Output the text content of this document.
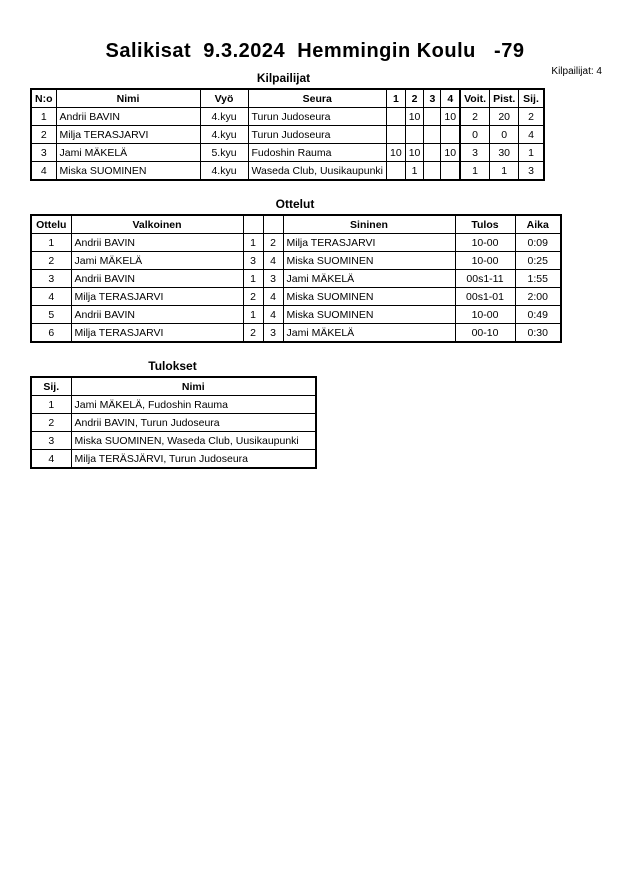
Salikisat  9.3.2024  Hemmingin Koulu   -79
Kilpailijat: 4
Kilpailijat
N:o	Nimi	Vyö	Seura	1	2	3	4	Voit.	Pist.	Sij.
1	Andrii BAVIN	4.kyu	Turun Judoseura		10		10	2	20	2
2	Milja TERASJARVI	4.kyu	Turun Judoseura					0	0	4
3	Jami MÄKELÄ	5.kyu	Fudoshin Rauma	10	10		10	3	30	1
4	Miska SUOMINEN	4.kyu	Waseda Club, Uusikaupunki		1			1	1	3
Ottelut
Ottelu	Valkoinen			Sininen	Tulos	Aika
1	Andrii BAVIN	1	2	Milja TERASJARVI	10-00	0:09
2	Jami MÄKELÄ	3	4	Miska SUOMINEN	10-00	0:25
3	Andrii BAVIN	1	3	Jami MÄKELÄ	00s1-11	1:55
4	Milja TERASJARVI	2	4	Miska SUOMINEN	00s1-01	2:00
5	Andrii BAVIN	1	4	Miska SUOMINEN	10-00	0:49
6	Milja TERASJARVI	2	3	Jami MÄKELÄ	00-10	0:30
Tulokset
Sij.	Nimi
1	Jami MÄKELÄ, Fudoshin Rauma
2	Andrii BAVIN, Turun Judoseura
3	Miska SUOMINEN, Waseda Club, Uusikaupunki
4	Milja TERÄSJÄRVI, Turun Judoseura
